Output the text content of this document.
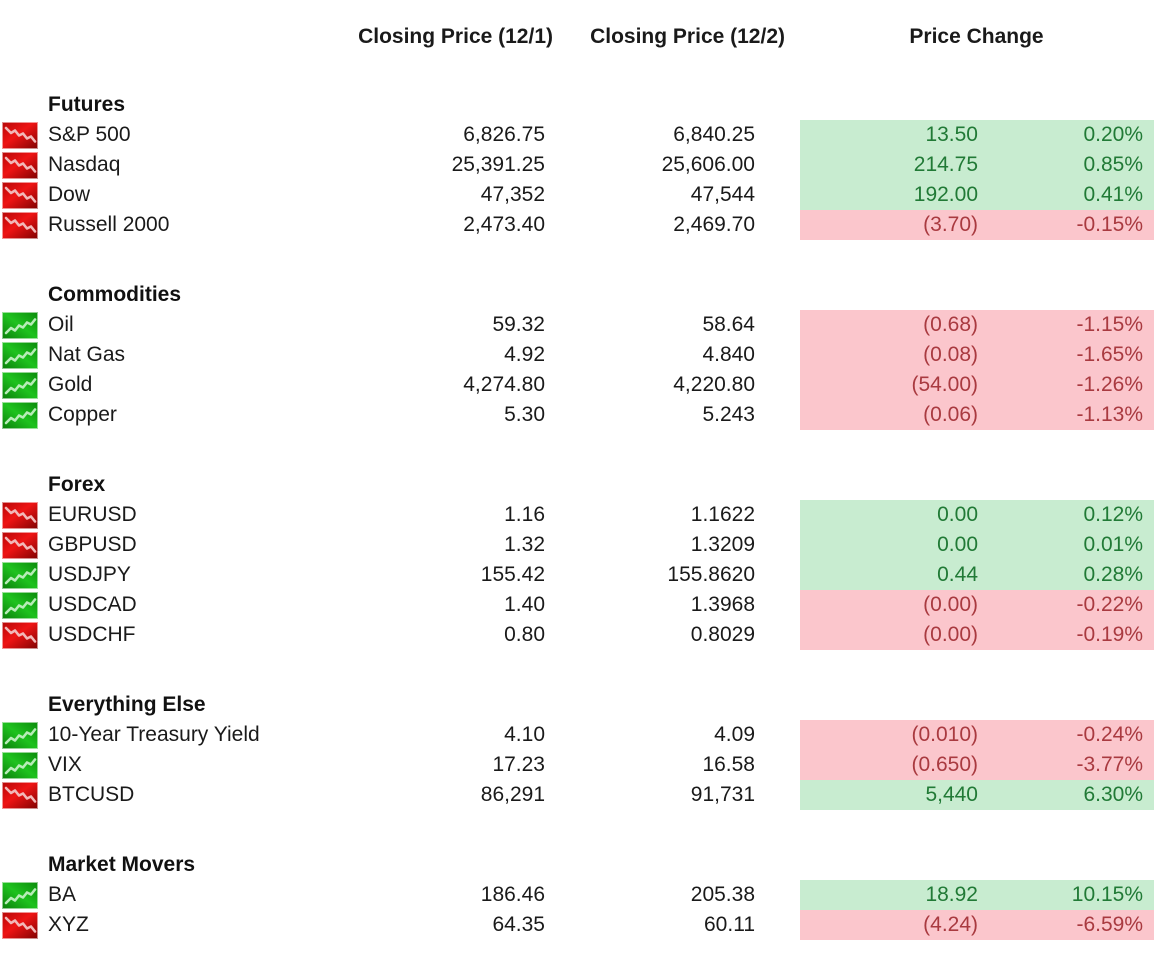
Closing Price (12/1)	Closing Price (12/2)	Price Change
Futures
S&P 500	6,826.75	6,840.25	13.50	0.20%
Nasdaq	25,391.25	25,606.00	214.75	0.85%
Dow	47,352	47,544	192.00	0.41%
Russell 2000	2,473.40	2,469.70	(3.70)	-0.15%
Commodities
Oil	59.32	58.64	(0.68)	-1.15%
Nat Gas	4.92	4.840	(0.08)	-1.65%
Gold	4,274.80	4,220.80	(54.00)	-1.26%
Copper	5.30	5.243	(0.06)	-1.13%
Forex
EURUSD	1.16	1.1622	0.00	0.12%
GBPUSD	1.32	1.3209	0.00	0.01%
USDJPY	155.42	155.8620	0.44	0.28%
USDCAD	1.40	1.3968	(0.00)	-0.22%
USDCHF	0.80	0.8029	(0.00)	-0.19%
Everything Else
10-Year Treasury Yield	4.10	4.09	(0.010)	-0.24%
VIX	17.23	16.58	(0.650)	-3.77%
BTCUSD	86,291	91,731	5,440	6.30%
Market Movers
BA	186.46	205.38	18.92	10.15%
XYZ	64.35	60.11	(4.24)	-6.59%
